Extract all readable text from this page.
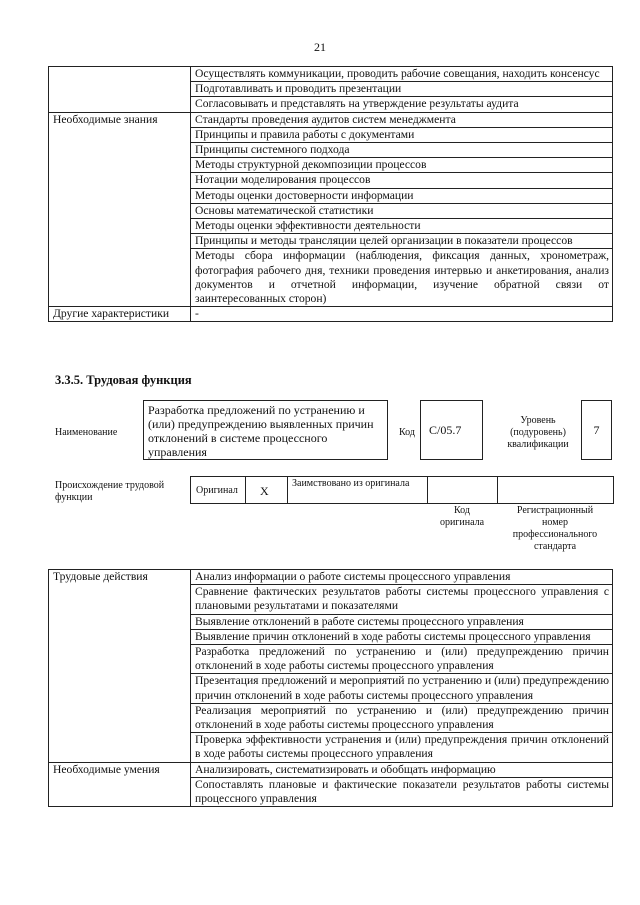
21
	Осуществлять коммуникации, проводить рабочие совещания, находить консенсус
	Подготавливать и проводить презентации
	Согласовывать и представлять на утверждение результаты аудита
Необходимые знания	Стандарты проведения аудитов систем менеджмента
	Принципы и правила работы с документами
	Принципы системного подхода
	Методы структурной декомпозиции процессов
	Нотации моделирования процессов
	Методы оценки достоверности информации
	Основы математической статистики
	Методы оценки эффективности деятельности
	Принципы и методы трансляции целей организации в показатели процессов
	Методы сбора информации (наблюдения, фиксация данных, хронометраж, фотография рабочего дня, техники проведения интервью и анкетирования, анализ документов и отчетной информации, изучение обратной связи от заинтересованных сторон)
Другие характеристики	-
3.3.5. Трудовая функция
Наименование
Разработка предложений по устранению и (или) предупреждению выявленных причин отклонений в системе процессного управления
Код	С/05.7
Уровень (подуровень) квалификации
7
Происхождение трудовой функции
Оригинал X
Заимствовано из оригинала
Код оригинала
Регистрационный номер профессионального стандарта
Трудовые действия	Анализ информации о работе системы процессного управления
	Сравнение фактических результатов работы системы процессного управления с плановыми результатами и показателями
	Выявление отклонений в работе системы процессного управления
	Выявление причин отклонений в ходе работы системы процессного управления
	Разработка предложений по устранению и (или) предупреждению причин отклонений в ходе работы системы процессного управления
	Презентация предложений и мероприятий по устранению и (или) предупреждению причин отклонений в ходе работы системы процессного управления
	Реализация мероприятий по устранению и (или) предупреждению причин отклонений в ходе работы системы процессного управления
	Проверка эффективности устранения и (или) предупреждения причин отклонений в ходе работы системы процессного управления
Необходимые умения	Анализировать, систематизировать и обобщать информацию
	Сопоставлять плановые и фактические показатели результатов работы системы процессного управления
